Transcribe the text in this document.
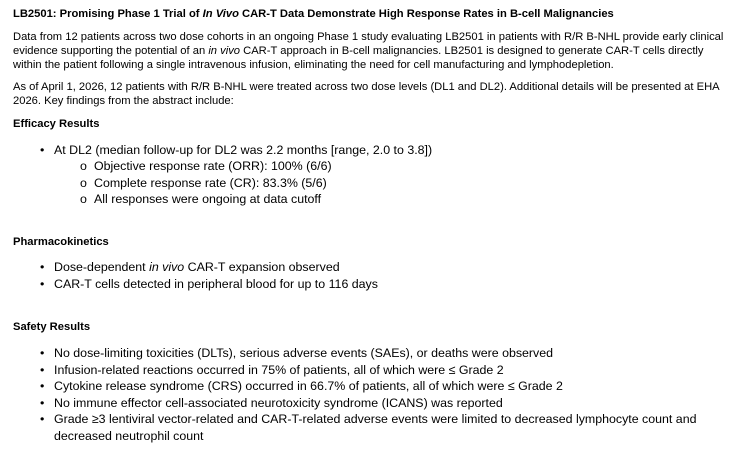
LB2501: Promising Phase 1 Trial of In Vivo CAR-T Data Demonstrate High Response Rates in B-cell Malignancies
Data from 12 patients across two dose cohorts in an ongoing Phase 1 study evaluating LB2501 in patients with R/R B-NHL provide early clinical evidence supporting the potential of an in vivo CAR-T approach in B-cell malignancies. LB2501 is designed to generate CAR-T cells directly within the patient following a single intravenous infusion, eliminating the need for cell manufacturing and lymphodepletion.
As of April 1, 2026, 12 patients with R/R B-NHL were treated across two dose levels (DL1 and DL2). Additional details will be presented at EHA 2026. Key findings from the abstract include:
Efficacy Results
• At DL2 (median follow-up for DL2 was 2.2 months [range, 2.0 to 3.8])
o Objective response rate (ORR): 100% (6/6)
o Complete response rate (CR): 83.3% (5/6)
o All responses were ongoing at data cutoff
Pharmacokinetics
• Dose-dependent in vivo CAR-T expansion observed
• CAR-T cells detected in peripheral blood for up to 116 days
Safety Results
• No dose-limiting toxicities (DLTs), serious adverse events (SAEs), or deaths were observed
• Infusion-related reactions occurred in 75% of patients, all of which were ≤ Grade 2
• Cytokine release syndrome (CRS) occurred in 66.7% of patients, all of which were ≤ Grade 2
• No immune effector cell-associated neurotoxicity syndrome (ICANS) was reported
• Grade ≥3 lentiviral vector-related and CAR-T-related adverse events were limited to decreased lymphocyte count and decreased neutrophil count
